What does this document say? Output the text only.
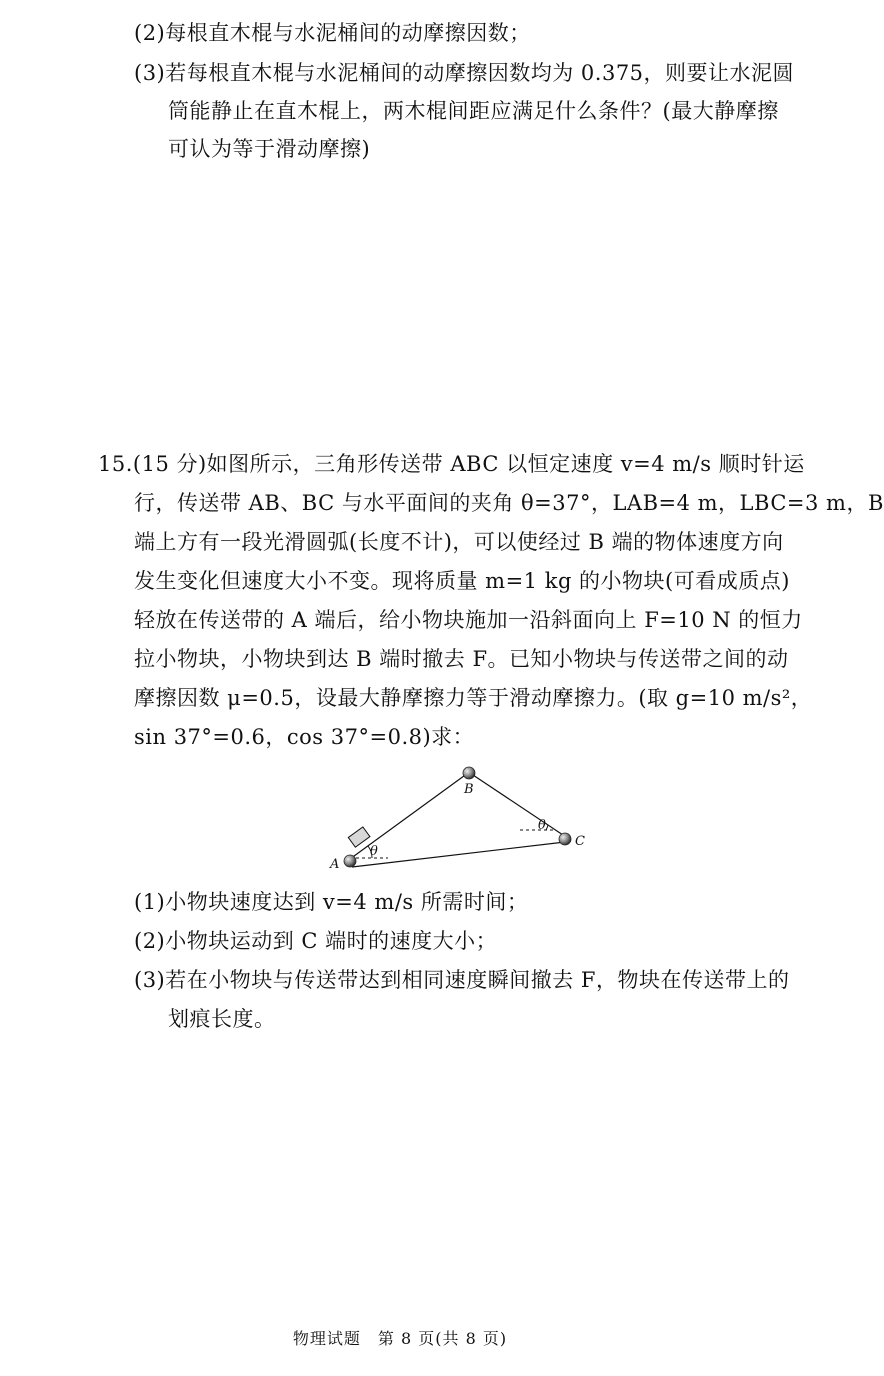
(2)每根直木棍与水泥桶间的动摩擦因数；
(3)若每根直木棍与水泥桶间的动摩擦因数均为 0.375，则要让水泥圆
筒能静止在直木棍上，两木棍间距应满足什么条件？(最大静摩擦
可认为等于滑动摩擦)
15.(15 分)如图所示，三角形传送带 ABC 以恒定速度 v=4 m/s 顺时针运
行，传送带 AB、BC 与水平面间的夹角 θ=37°，LAB=4 m，LBC=3 m，B
端上方有一段光滑圆弧(长度不计)，可以使经过 B 端的物体速度方向
发生变化但速度大小不变。现将质量 m=1 kg 的小物块(可看成质点)
轻放在传送带的 A 端后，给小物块施加一沿斜面向上 F=10 N 的恒力
拉小物块，小物块到达 B 端时撤去 F。已知小物块与传送带之间的动
摩擦因数 μ=0.5，设最大静摩擦力等于滑动摩擦力。(取 g=10 m/s²，
sin 37°=0.6，cos 37°=0.8)求：
A
B
C
θ
θ
(1)小物块速度达到 v=4 m/s 所需时间；
(2)小物块运动到 C 端时的速度大小；
(3)若在小物块与传送带达到相同速度瞬间撤去 F，物块在传送带上的
划痕长度。
物理试题　第 8 页(共 8 页)
